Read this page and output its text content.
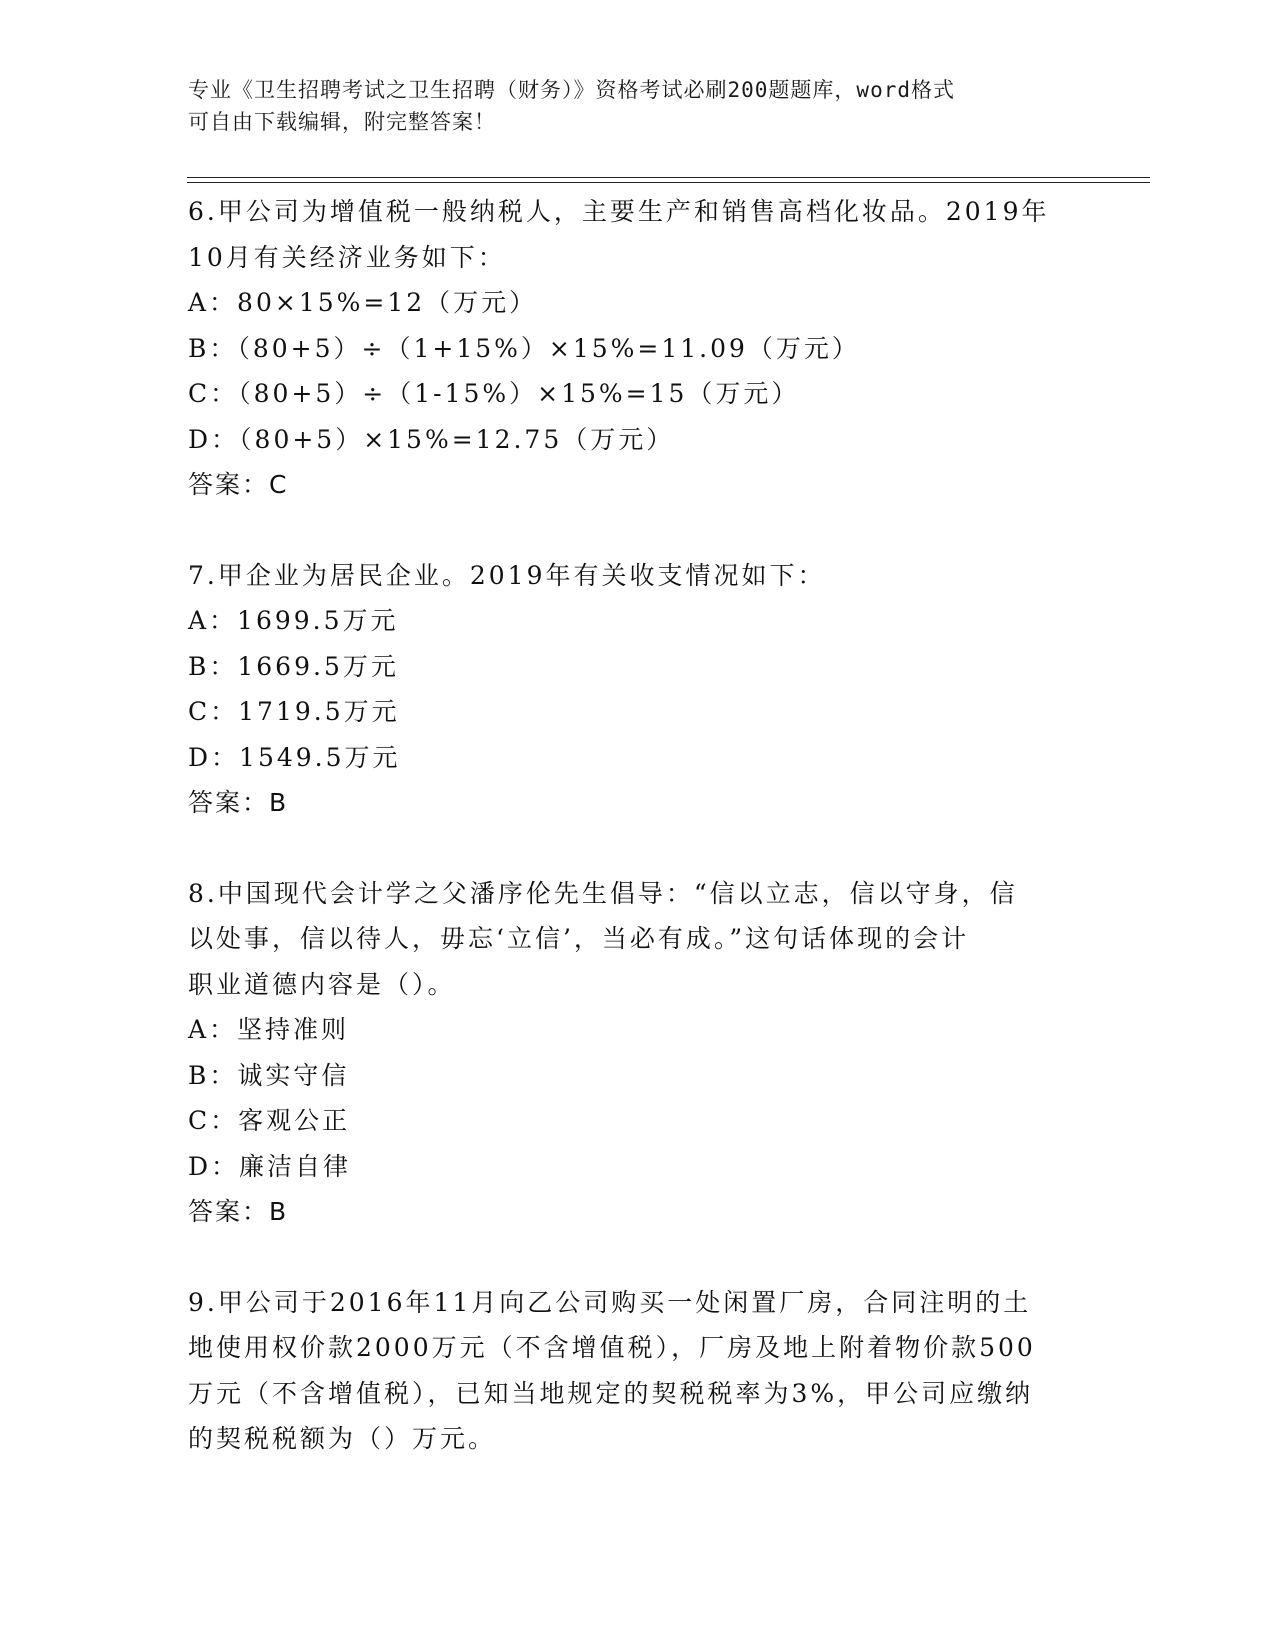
专业《卫生招聘考试之卫生招聘（财务）》资格考试必刷200题题库，word格式
可自由下载编辑，附完整答案！
6.甲公司为增值税一般纳税人，主要生产和销售高档化妆品。2019年
10月有关经济业务如下：
A：80×15%=12（万元）
B：（80+5）÷（1+15%）×15%=11.09（万元）
C：（80+5）÷（1-15%）×15%=15（万元）
D：（80+5）×15%=12.75（万元）
答案：C
7.甲企业为居民企业。2019年有关收支情况如下：
A：1699.5万元
B：1669.5万元
C：1719.5万元
D：1549.5万元
答案：B
8.中国现代会计学之父潘序伦先生倡导：“信以立志，信以守身，信
以处事，信以待人，毋忘‘立信’，当必有成。”这句话体现的会计
职业道德内容是（）。
A：坚持准则
B：诚实守信
C：客观公正
D：廉洁自律
答案：B
9.甲公司于2016年11月向乙公司购买一处闲置厂房，合同注明的土
地使用权价款2000万元（不含增值税），厂房及地上附着物价款500
万元（不含增值税），已知当地规定的契税税率为3%，甲公司应缴纳
的契税税额为（）万元。
